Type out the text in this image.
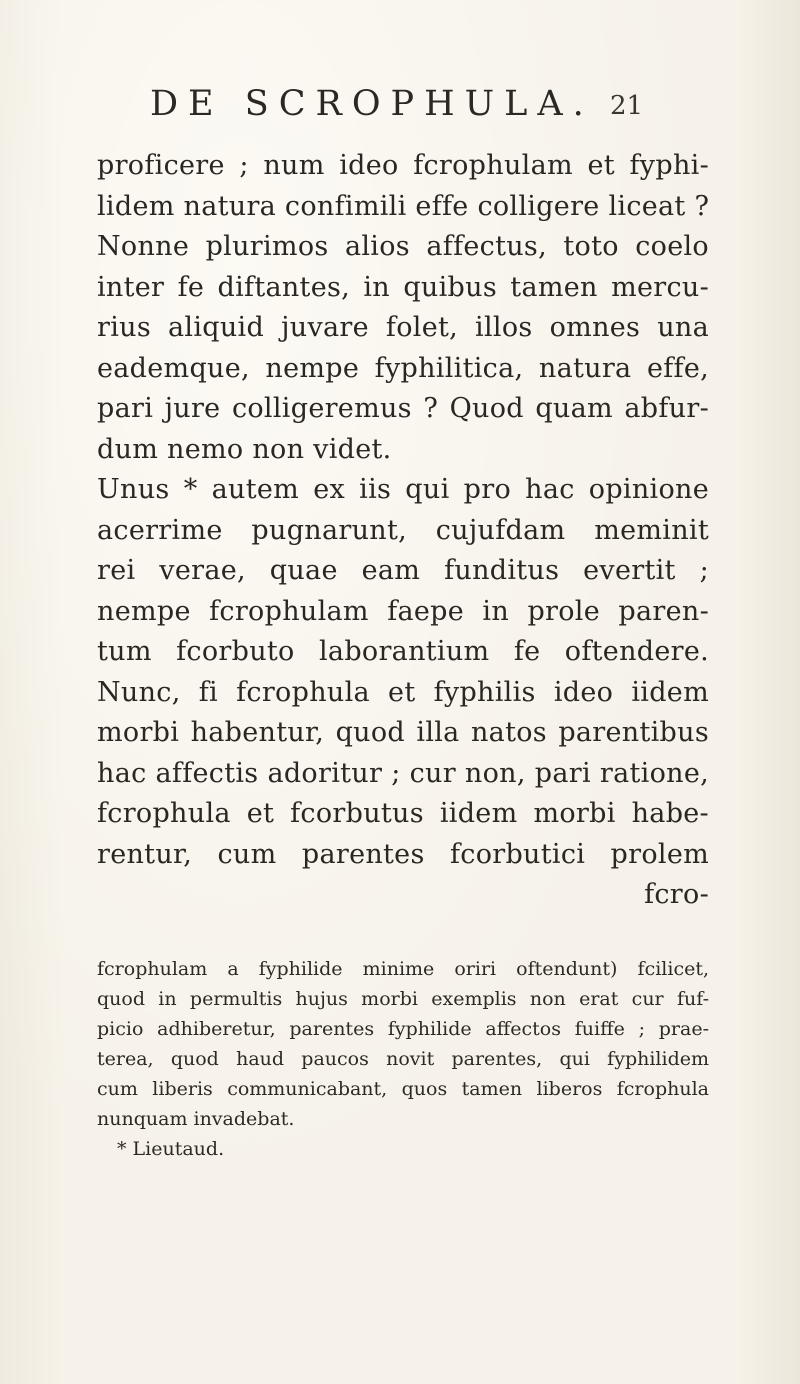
DE SCROPHULA. 21
proficere ; num ideo fcrophulam et fyphi-
lidem natura confimili effe colligere liceat ?
Nonne plurimos alios affectus, toto coelo
inter fe diftantes, in quibus tamen mercu-
rius aliquid juvare folet, illos omnes una
eademque, nempe fyphilitica, natura effe,
pari jure colligeremus ? Quod quam abfur-
dum nemo non videt.
Unus * autem ex iis qui pro hac opinione
acerrime pugnarunt, cujufdam meminit
rei verae, quae eam funditus evertit ;
nempe fcrophulam faepe in prole paren-
tum fcorbuto laborantium fe oftendere.
Nunc, fi fcrophula et fyphilis ideo iidem
morbi habentur, quod illa natos parentibus
hac affectis adoritur ; cur non, pari ratione,
fcrophula et fcorbutus iidem morbi habe-
rentur, cum parentes fcorbutici prolem
fcro-
fcrophulam a fyphilide minime oriri oftendunt) fcilicet,
quod in permultis hujus morbi exemplis non erat cur fuf-
picio adhiberetur, parentes fyphilide affectos fuiffe ; prae-
terea, quod haud paucos novit parentes, qui fyphilidem
cum liberis communicabant, quos tamen liberos fcrophula
nunquam invadebat.
* Lieutaud.
